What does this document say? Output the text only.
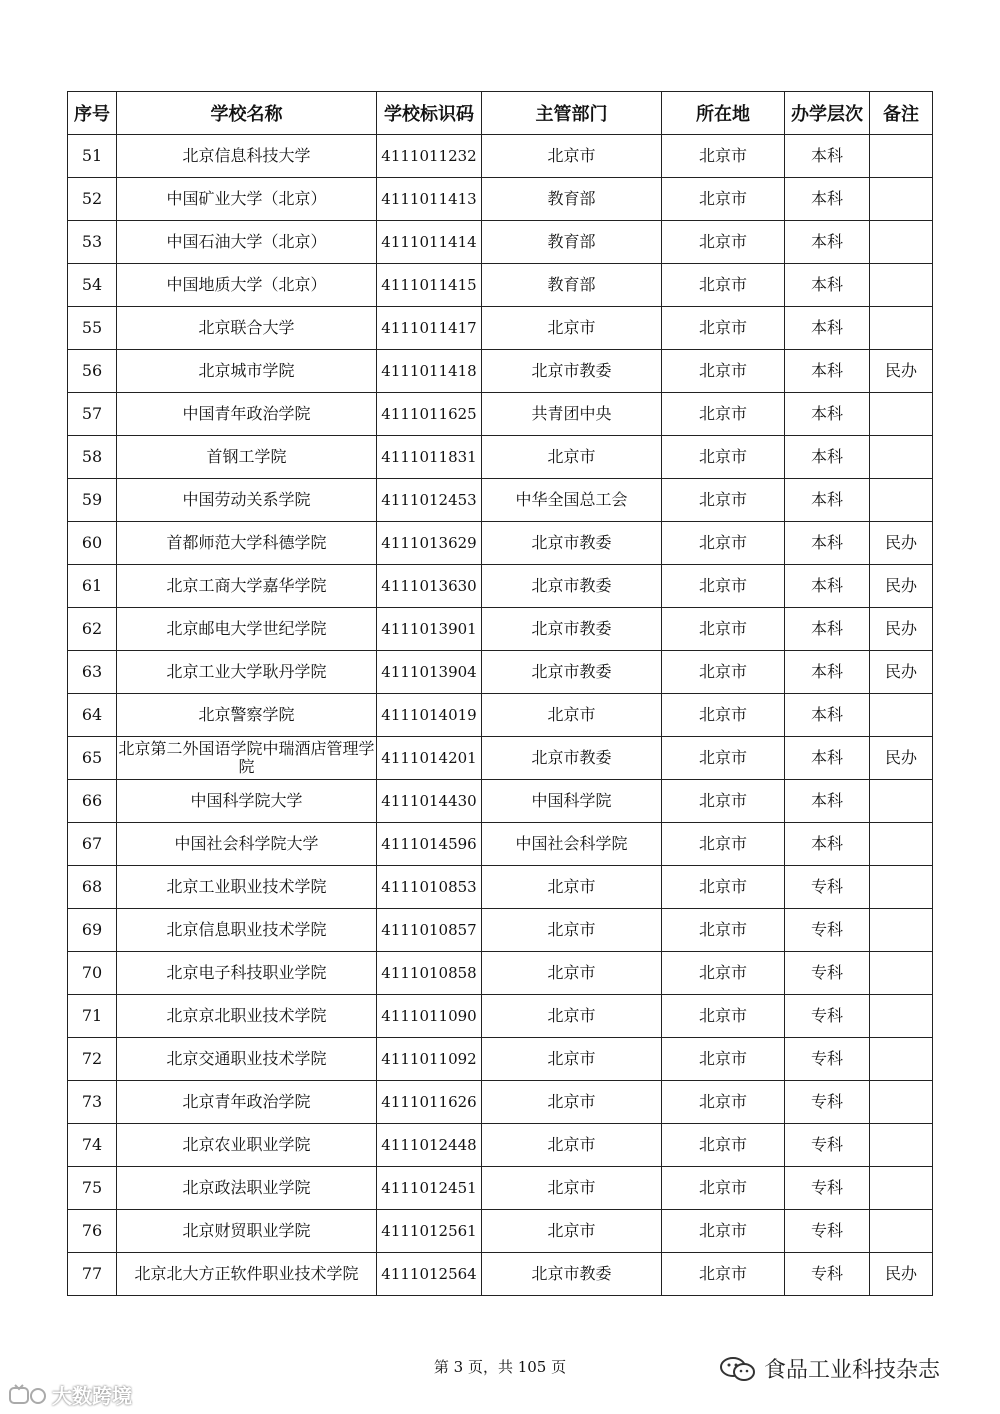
序号	学校名称	学校标识码	主管部门	所在地	办学层次	备注
51	北京信息科技大学	4111011232	北京市	北京市	本科	
52	中国矿业大学（北京）	4111011413	教育部	北京市	本科	
53	中国石油大学（北京）	4111011414	教育部	北京市	本科	
54	中国地质大学（北京）	4111011415	教育部	北京市	本科	
55	北京联合大学	4111011417	北京市	北京市	本科	
56	北京城市学院	4111011418	北京市教委	北京市	本科	民办
57	中国青年政治学院	4111011625	共青团中央	北京市	本科	
58	首钢工学院	4111011831	北京市	北京市	本科	
59	中国劳动关系学院	4111012453	中华全国总工会	北京市	本科	
60	首都师范大学科德学院	4111013629	北京市教委	北京市	本科	民办
61	北京工商大学嘉华学院	4111013630	北京市教委	北京市	本科	民办
62	北京邮电大学世纪学院	4111013901	北京市教委	北京市	本科	民办
63	北京工业大学耿丹学院	4111013904	北京市教委	北京市	本科	民办
64	北京警察学院	4111014019	北京市	北京市	本科	
65	北京第二外国语学院中瑞酒店管理学院	4111014201	北京市教委	北京市	本科	民办
66	中国科学院大学	4111014430	中国科学院	北京市	本科	
67	中国社会科学院大学	4111014596	中国社会科学院	北京市	本科	
68	北京工业职业技术学院	4111010853	北京市	北京市	专科	
69	北京信息职业技术学院	4111010857	北京市	北京市	专科	
70	北京电子科技职业学院	4111010858	北京市	北京市	专科	
71	北京京北职业技术学院	4111011090	北京市	北京市	专科	
72	北京交通职业技术学院	4111011092	北京市	北京市	专科	
73	北京青年政治学院	4111011626	北京市	北京市	专科	
74	北京农业职业学院	4111012448	北京市	北京市	专科	
75	北京政法职业学院	4111012451	北京市	北京市	专科	
76	北京财贸职业学院	4111012561	北京市	北京市	专科	
77	北京北大方正软件职业技术学院	4111012564	北京市教委	北京市	专科	民办
第 3 页，共 105 页	食品工业科技杂志
大数跨境
